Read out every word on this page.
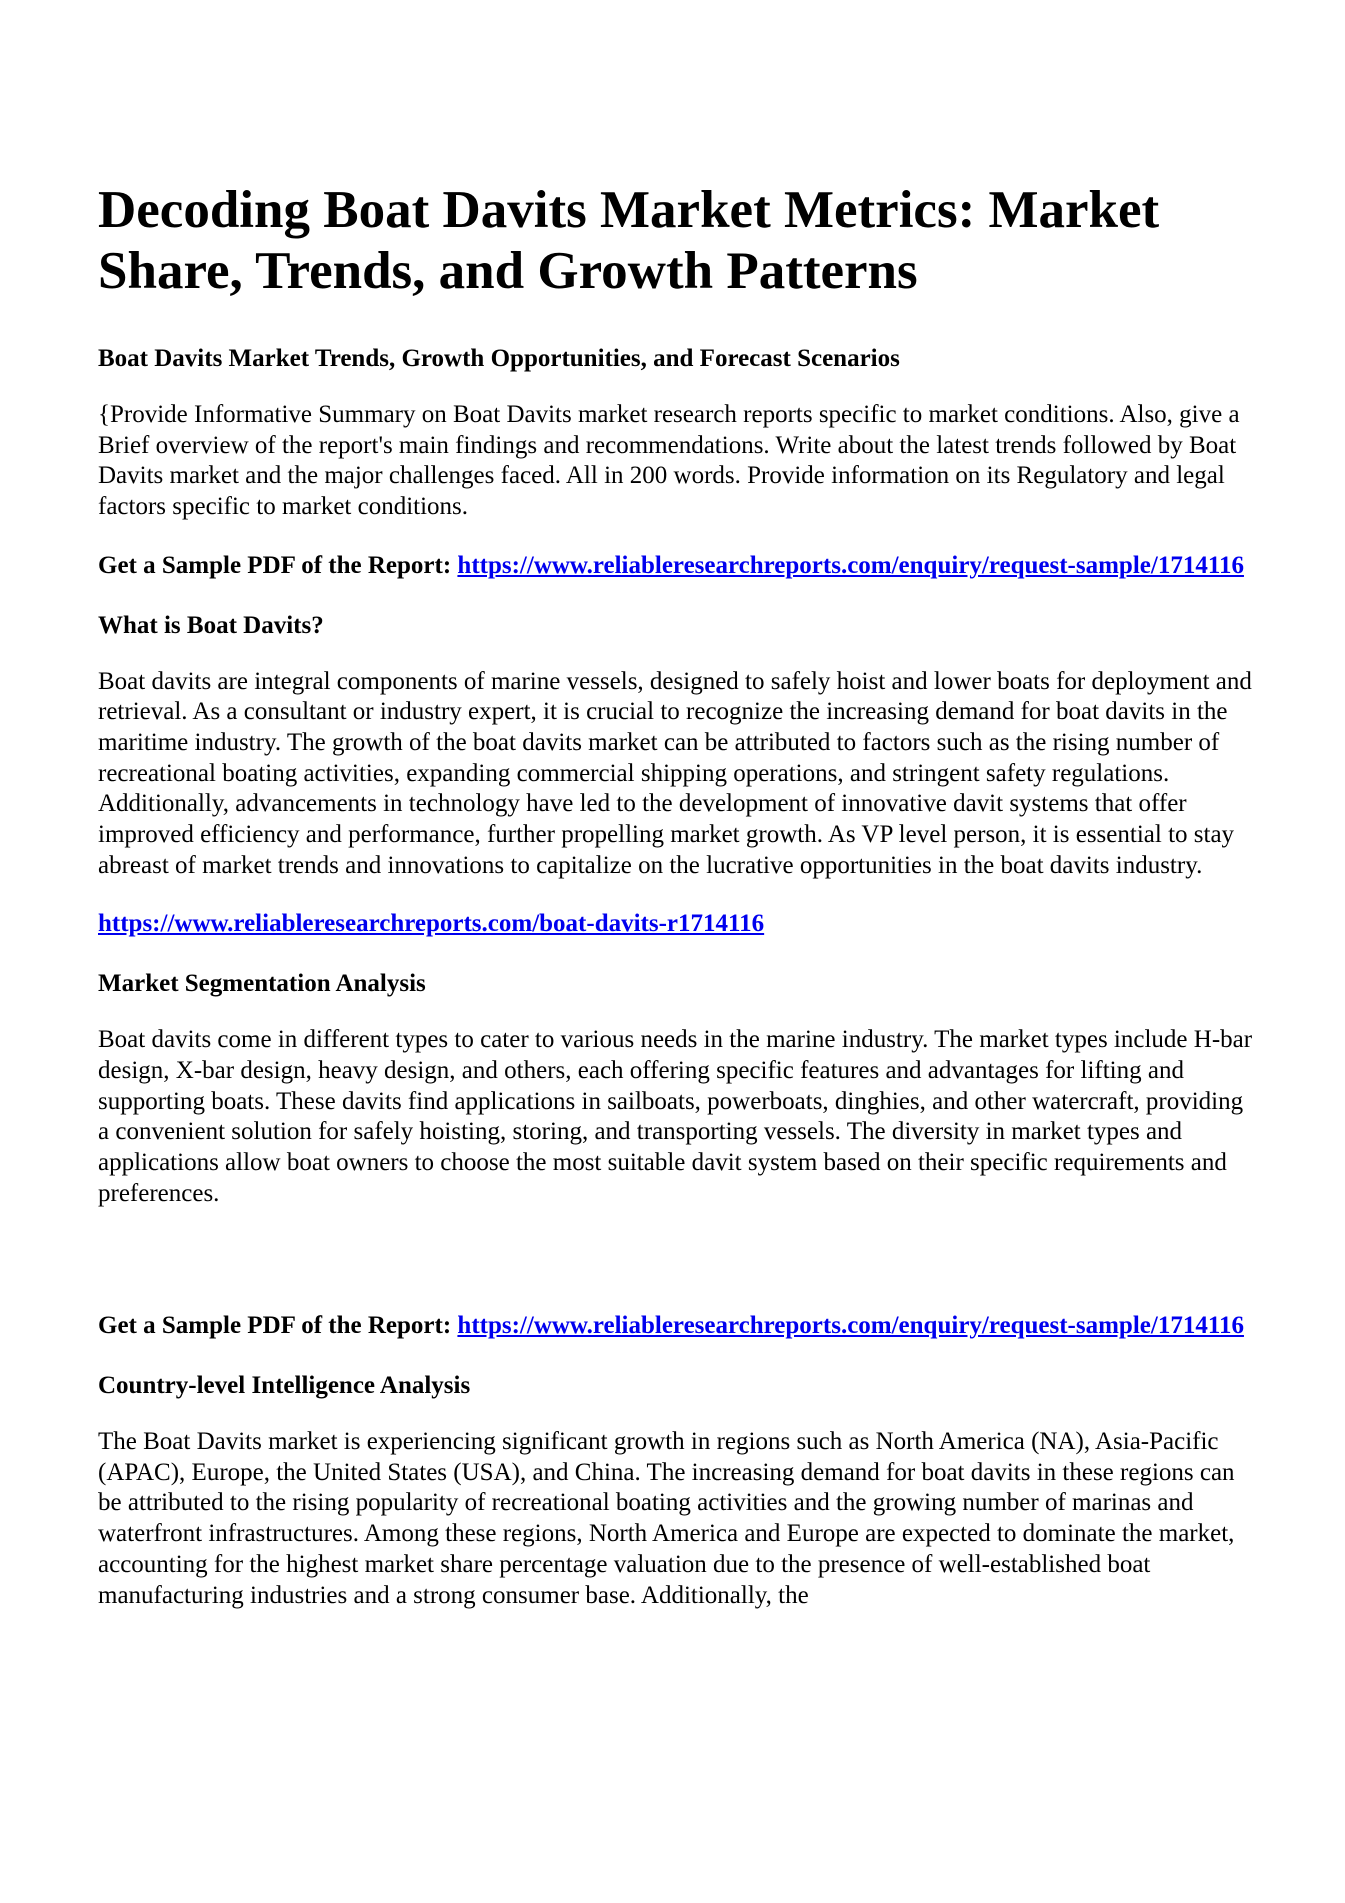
Decoding Boat Davits Market Metrics: Market Share, Trends, and Growth Patterns
Boat Davits Market Trends, Growth Opportunities, and Forecast Scenarios

{Provide Informative Summary on Boat Davits market research reports specific to market conditions. Also, give a Brief overview of the report's main findings and recommendations. Write about the latest trends followed by Boat Davits market and the major challenges faced. All in 200 words. Provide information on its Regulatory and legal factors specific to market conditions.

Get a Sample PDF of the Report: https://www.reliableresearchreports.com/enquiry/request-sample/1714116
What is Boat Davits?

Boat davits are integral components of marine vessels, designed to safely hoist and lower boats for deployment and retrieval. As a consultant or industry expert, it is crucial to recognize the increasing demand for boat davits in the maritime industry. The growth of the boat davits market can be attributed to factors such as the rising number of recreational boating activities, expanding commercial shipping operations, and stringent safety regulations. Additionally, advancements in technology have led to the development of innovative davit systems that offer improved efficiency and performance, further propelling market growth. As VP level person, it is essential to stay abreast of market trends and innovations to capitalize on the lucrative opportunities in the boat davits industry.

https://www.reliableresearchreports.com/boat-davits-r1714116
Market Segmentation Analysis

Boat davits come in different types to cater to various needs in the marine industry. The market types include H-bar design, X-bar design, heavy design, and others, each offering specific features and advantages for lifting and supporting boats. These davits find applications in sailboats, powerboats, dinghies, and other watercraft, providing a convenient solution for safely hoisting, storing, and transporting vessels. The diversity in market types and applications allow boat owners to choose the most suitable davit system based on their specific requirements and preferences.

Get a Sample PDF of the Report: https://www.reliableresearchreports.com/enquiry/request-sample/1714116
Country-level Intelligence Analysis

The Boat Davits market is experiencing significant growth in regions such as North America (NA), Asia-Pacific (APAC), Europe, the United States (USA), and China. The increasing demand for boat davits in these regions can be attributed to the rising popularity of recreational boating activities and the growing number of marinas and waterfront infrastructures. Among these regions, North America and Europe are expected to dominate the market, accounting for the highest market share percentage valuation due to the presence of well-established boat manufacturing industries and a strong consumer base. Additionally, the
